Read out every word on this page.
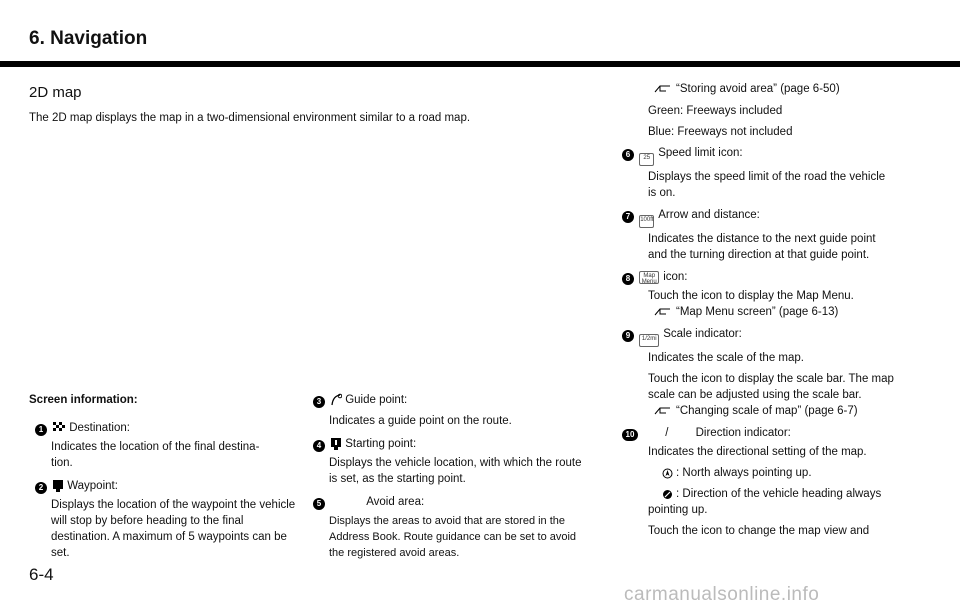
6. Navigation
2D map
The 2D map displays the map in a two-dimensional environment similar to a road map.

Screen information:

1 Destination:

Indicates the location of the final destina-
tion.

2 Waypoint:

Displays the location of the waypoint the vehicle will stop by before heading to the final destination. A maximum of 5 waypoints can be set.

3 Guide point:

Indicates a guide point on the route.

4 Starting point:

Displays the vehicle location, with which the route is set, as the starting point.

5	Avoid area:

Displays the areas to avoid that are stored in the Address Book. Route guidance can be set to avoid the registered avoid areas.

“Storing avoid area” (page 6-50)

Green: Freeways included

Blue: Freeways not included

6 25 Speed limit icon:

Displays the speed limit of the road the vehicle is on.

7 100ft Arrow and distance:

Indicates the distance to the next guide point and the turning direction at that guide point.

8 Map Menu icon:

Touch the icon to display the Map Menu.

“Map Menu screen” (page 6-13)

9 1/2mi Scale indicator:

Indicates the scale of the map.

Touch the icon to display the scale bar. The map scale can be adjusted using the scale bar.

“Changing scale of map” (page 6-7)

10	/ Direction indicator:

Indicates the directional setting of the map.

: North always pointing up.

: Direction of the vehicle heading always pointing up.

Touch the icon to change the map view and

6-4
carmanualsonline.info
